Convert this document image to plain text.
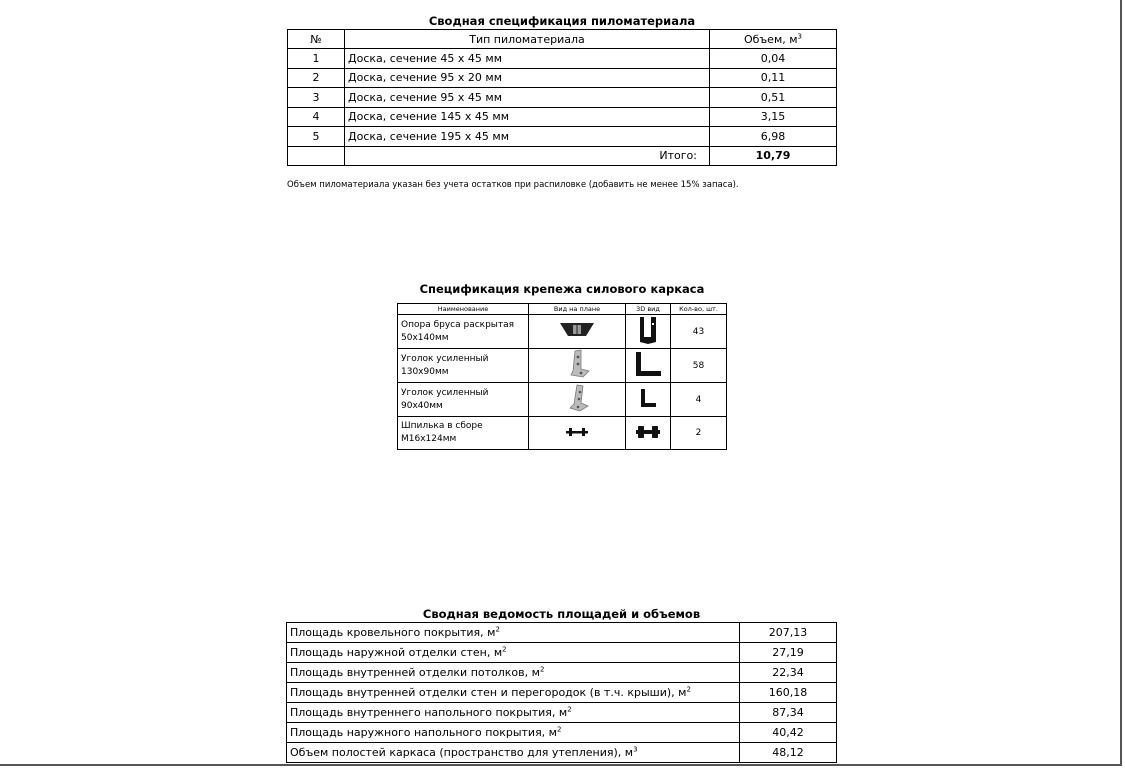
Сводная спецификация пиломатериала
№	Тип пиломатериала	Объем, $м^3$
1	Доска, сечение 45 х 45 мм	0,04
2	Доска, сечение 95 х 20 мм	0,11
3	Доска, сечение 95 х 45 мм	0,51
4	Доска, сечение 145 х 45 мм	3,15
5	Доска, сечение 195 х 45 мм	6,98
	Итого:	10,79
Объем пиломатериала указан без учета остатков при распиловке (добавить не менее 15% запаса).
Спецификация крепежа силового каркаса
Наименование	Вид на плане	3D вид	Кол-во, шт.
Опора бруса раскрытая
50х140мм			43
Уголок усиленный
130х90мм			58
Уголок усиленный
90х40мм			4
Шпилька в сборе
М16х124мм			2
Сводная ведомость площадей и объемов
Площадь кровельного покрытия, $м^2$	207,13
Площадь наружной отделки стен, $м^2$	27,19
Площадь внутренней отделки потолков, $м^2$	22,34
Площадь внутренней отделки стен и перегородок (в т.ч. крыши), $м^2$	160,18
Площадь внутреннего напольного покрытия, $м^2$	87,34
Площадь наружного напольного покрытия, $м^2$	40,42
Объем полостей каркаса (пространство для утепления), $м^3$	48,12
